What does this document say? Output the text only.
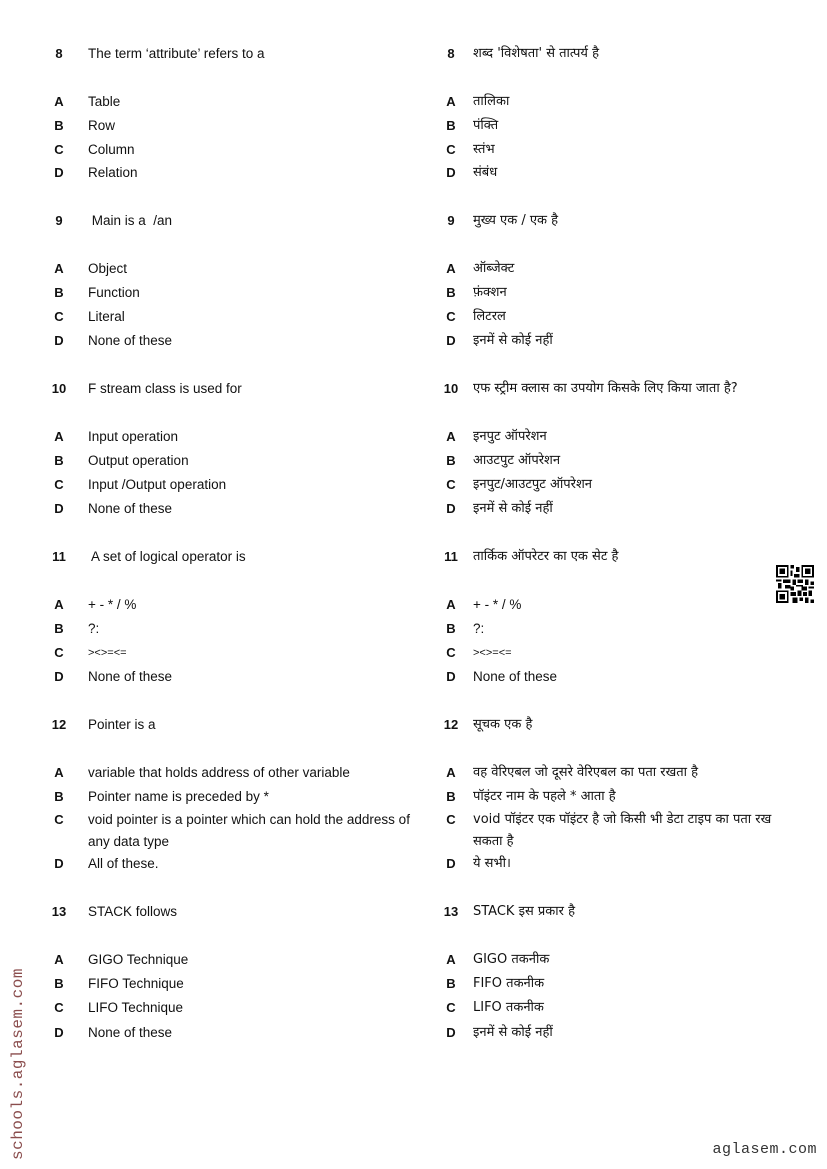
8	The term ‘attribute’ refers to a
A	Table
B	Row
C	Column
D	Relation
9	Main is a  /an
A	Object
B	Function
C	Literal
D	None of these
10 F stream class is used for
A	Input operation
B	Output operation
C	Input /Output operation
D	None of these
11	A set of logical operator is
A	+ - * / %
B	?:
C	><>=<=
D	None of these
12 Pointer is a
A	variable that holds address of other variable
B	Pointer name is preceded by *
C	void pointer is a pointer which can hold the address of any data type
D	All of these.
13 STACK follows
A	GIGO Technique
B	FIFO Technique
C	LIFO Technique
D	None of these
8	शब्द 'विशेषता' से तात्पर्य है
A	तालिका
B	पंक्ति
C	स्तंभ
D	संबंध
9	मुख्य एक / एक है
A	ऑब्जेक्ट
B	फ़ंक्शन
C	लिटरल
D	इनमें से कोई नहीं
10 एफ स्ट्रीम क्लास का उपयोग किसके लिए किया जाता है?
A	इनपुट ऑपरेशन
B	आउटपुट ऑपरेशन
C	इनपुट/आउटपुट ऑपरेशन
D	इनमें से कोई नहीं
11	तार्किक ऑपरेटर का एक सेट है
A	+ - * / %
B	?:
C	><>=<=
D	None of these
12 सूचक एक है
A	वह वेरिएबल जो दूसरे वेरिएबल का पता रखता है
B	पॉइंटर नाम के पहले * आता है
C	void पॉइंटर एक पॉइंटर है जो किसी भी डेटा टाइप का पता रख सकता है
D	ये सभी।
13 STACK इस प्रकार है
A	GIGO तकनीक
B	FIFO तकनीक
C	LIFO तकनीक
D	इनमें से कोई नहीं
schools.aglasem.com	aglasem.com
